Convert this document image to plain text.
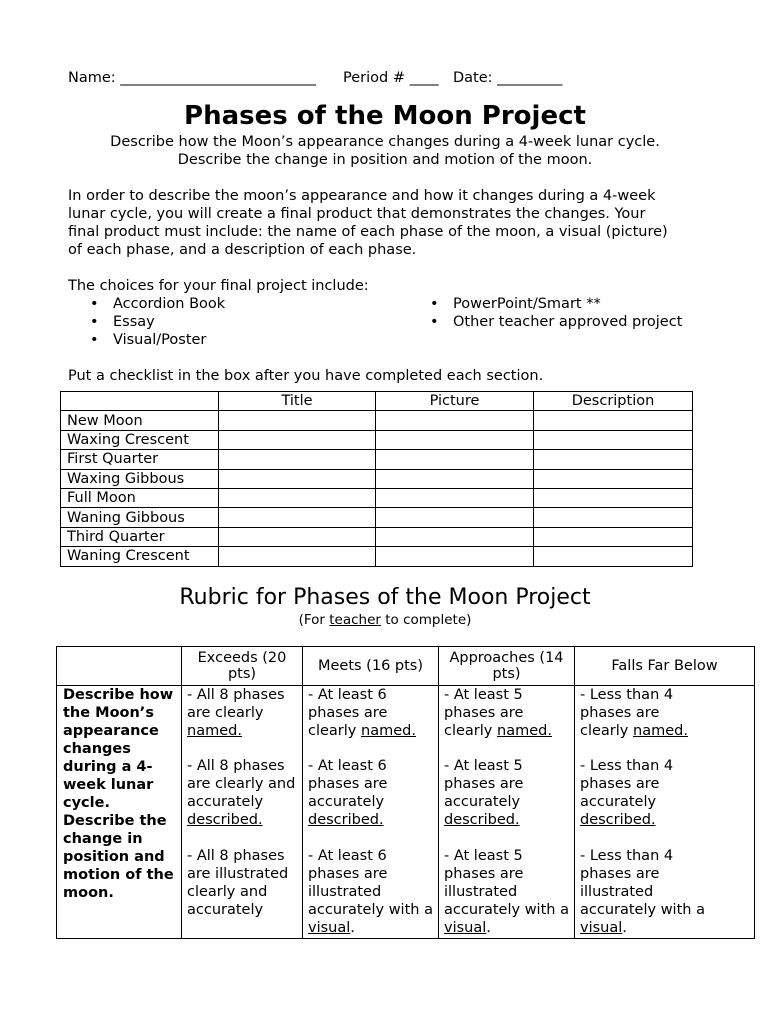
Name: ___________________________ Period # ____ Date: _________
Phases of the Moon Project
Describe how the Moon’s appearance changes during a 4-week lunar cycle.
Describe the change in position and motion of the moon.
In order to describe the moon’s appearance and how it changes during a 4-week
lunar cycle, you will create a final product that demonstrates the changes. Your
final product must include: the name of each phase of the moon, a visual (picture)
of each phase, and a description of each phase.
The choices for your final project include:
• Accordion Book
• Essay
• Visual/Poster
• PowerPoint/Smart **
• Other teacher approved project
Put a checklist in the box after you have completed each section.
	Title	Picture	Description
New Moon			
Waxing Crescent			
First Quarter			
Waxing Gibbous			
Full Moon			
Waning Gibbous			
Third Quarter			
Waning Crescent			
Rubric for Phases of the Moon Project
(For teacher to complete)
	Exceeds (20 pts)	Meets (16 pts)	Approaches (14 pts)	Falls Far Below
Describe how the Moon’s appearance changes during a 4-week lunar cycle. Describe the change in position and motion of the moon.	- All 8 phases are clearly named.
- All 8 phases are clearly and accurately described.
- All 8 phases are illustrated clearly and accurately	- At least 6 phases are clearly named.
- At least 6 phases are accurately described.
- At least 6 phases are illustrated accurately with a visual.	- At least 5 phases are clearly named.
- At least 5 phases are accurately described.
- At least 5 phases are illustrated accurately with a visual.	- Less than 4 phases are clearly named.
- Less than 4 phases are accurately described.
- Less than 4 phases are illustrated accurately with a visual.
